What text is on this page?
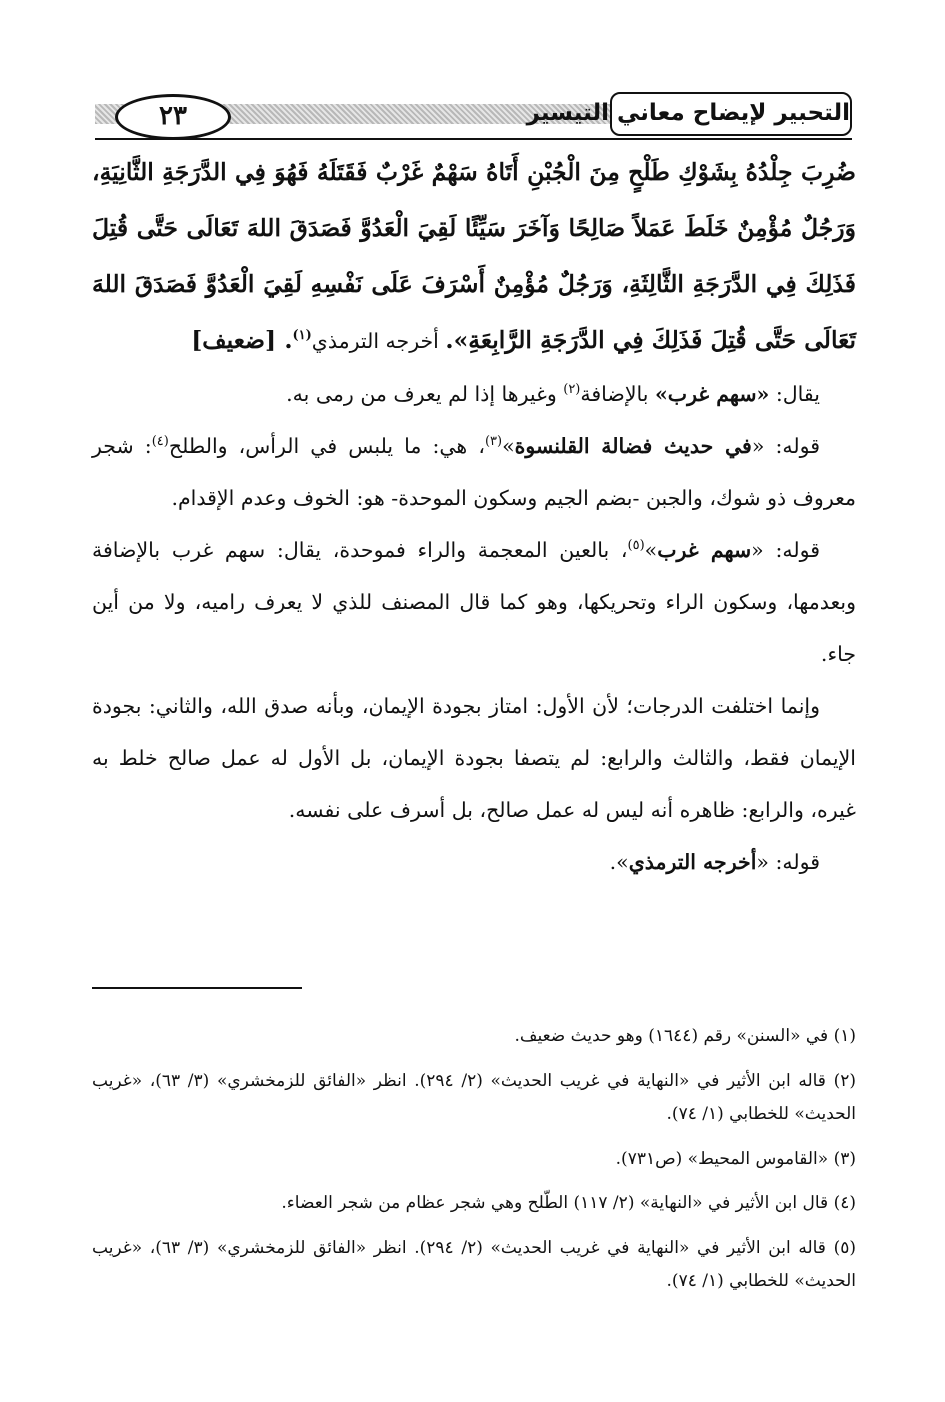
٢٣	التحبير لإيضاح معاني التيسير

ضُرِبَ جِلْدُهُ بِشَوْكِ طَلْحٍ مِنَ الْجُبْنِ أَتَاهُ سَهْمٌ غَرْبٌ فَقَتَلَهُ فَهُوَ فِي الدَّرَجَةِ الثَّانِيَةِ، وَرَجُلٌ مُؤْمِنٌ خَلَطَ عَمَلاً صَالِحًا وَآخَرَ سَيِّئًا لَقِيَ الْعَدُوَّ فَصَدَقَ اللهَ تَعَالَى حَتَّى قُتِلَ فَذَلِكَ فِي الدَّرَجَةِ الثَّالِثَةِ، وَرَجُلٌ مُؤْمِنٌ أَسْرَفَ عَلَى نَفْسِهِ لَقِيَ الْعَدُوَّ فَصَدَقَ اللهَ تَعَالَى حَتَّى قُتِلَ فَذَلِكَ فِي الدَّرَجَةِ الرَّابِعَةِ». أخرجه الترمذي$^{(١)}$. [ضعيف]

يقال: «سهم غرب» بالإضافة$^{(٢)}$ وغيرها إذا لم يعرف من رمى به.

قوله: «في حديث فضالة القلنسوة»$^{(٣)}$، هي: ما يلبس في الرأس، والطلح$^{(٤)}$: شجر معروف ذو شوك، والجبن -بضم الجيم وسكون الموحدة- هو: الخوف وعدم الإقدام.

قوله: «سهم غرب»$^{(٥)}$، بالعين المعجمة والراء فموحدة، يقال: سهم غرب بالإضافة وبعدمها، وسكون الراء وتحريكها، وهو كما قال المصنف للذي لا يعرف راميه، ولا من أين جاء.

وإنما اختلفت الدرجات؛ لأن الأول: امتاز بجودة الإيمان، وبأنه صدق الله، والثاني: بجودة الإيمان فقط، والثالث والرابع: لم يتصفا بجودة الإيمان، بل الأول له عمل صالح خلط به غيره، والرابع: ظاهره أنه ليس له عمل صالح، بل أسرف على نفسه.

قوله: «أخرجه الترمذي».

(١) في «السنن» رقم (١٦٤٤) وهو حديث ضعيف.

(٢) قاله ابن الأثير في «النهاية في غريب الحديث» (٢/ ٢٩٤). انظر «الفائق للزمخشري» (٣/ ٦٣)، «غريب الحديث» للخطابي (١/ ٧٤).

(٣) «القاموس المحيط» (ص٧٣١).

(٤) قال ابن الأثير في «النهاية» (٢/ ١١٧) الطّلح وهي شجر عظام من شجر العضاء.

(٥) قاله ابن الأثير في «النهاية في غريب الحديث» (٢/ ٢٩٤). انظر «الفائق للزمخشري» (٣/ ٦٣)، «غريب الحديث» للخطابي (١/ ٧٤).
